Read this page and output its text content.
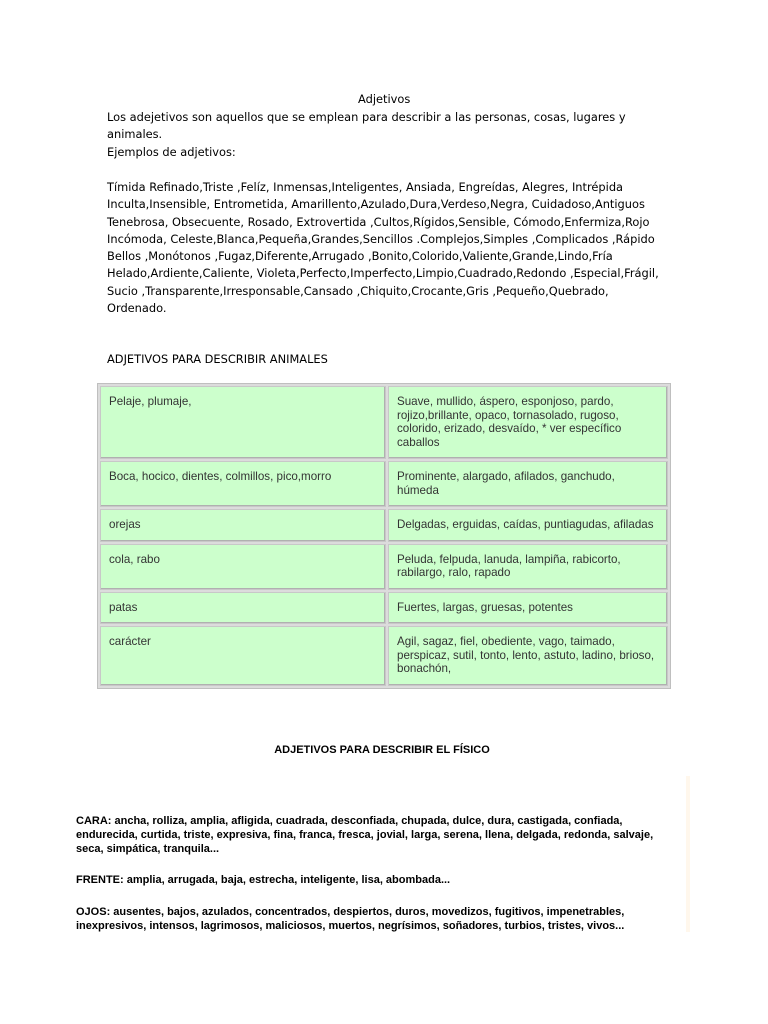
Adjetivos

Los adejetivos son aquellos que se emplean para describir a las personas, cosas, lugares y animales.

Ejemplos de adjetivos:

Tímida Refinado,Triste ,Felíz, Inmensas,Inteligentes, Ansiada, Engreídas, Alegres, Intrépida Inculta,Insensible, Entrometida, Amarillento,Azulado,Dura,Verdeso,Negra, Cuidadoso,Antiguos Tenebrosa, Obsecuente, Rosado, Extrovertida ,Cultos,Rígidos,Sensible, Cómodo,Enfermiza,Rojo Incómoda, Celeste,Blanca,Pequeña,Grandes,Sencillos .Complejos,Simples ,Complicados ,Rápido Bellos ,Monótonos ,Fugaz,Diferente,Arrugado ,Bonito,Colorido,Valiente,Grande,Lindo,Fría Helado,Ardiente,Caliente, Violeta,Perfecto,Imperfecto,Limpio,Cuadrado,Redondo ,Especial,Frágil, Sucio ,Transparente,Irresponsable,Cansado ,Chiquito,Crocante,Gris ,Pequeño,Quebrado, Ordenado.

ADJETIVOS PARA DESCRIBIR ANIMALES
Pelaje, plumaje,	Suave, mullido, áspero, esponjoso, pardo, rojizo,brillante, opaco, tornasolado, rugoso, colorido, erizado, desvaído, * ver específico caballos
Boca, hocico, dientes, colmillos, pico,morro	Prominente, alargado, afilados, ganchudo, húmeda
orejas	Delgadas, erguidas, caídas, puntiagudas, afiladas
cola, rabo	Peluda, felpuda, lanuda, lampiña, rabicorto, rabilargo, ralo, rapado
patas	Fuertes, largas, gruesas, potentes
carácter	Agil, sagaz, fiel, obediente, vago, taimado, perspicaz, sutil, tonto, lento, astuto, ladino, brioso, bonachón,
ADJETIVOS PARA DESCRIBIR EL FÍSICO

CARA: ancha, rolliza, amplia, afligida, cuadrada, desconfiada, chupada, dulce, dura, castigada, confiada, endurecida, curtida, triste, expresiva, fina, franca, fresca, jovial, larga, serena, llena, delgada, redonda, salvaje, seca, simpática, tranquila...

FRENTE: amplia, arrugada, baja, estrecha, inteligente, lisa, abombada...

OJOS: ausentes, bajos, azulados, concentrados, despiertos, duros, movedizos, fugitivos, impenetrables, inexpresivos, intensos, lagrimosos, maliciosos, muertos, negrísimos, soñadores, turbios, tristes, vivos...
